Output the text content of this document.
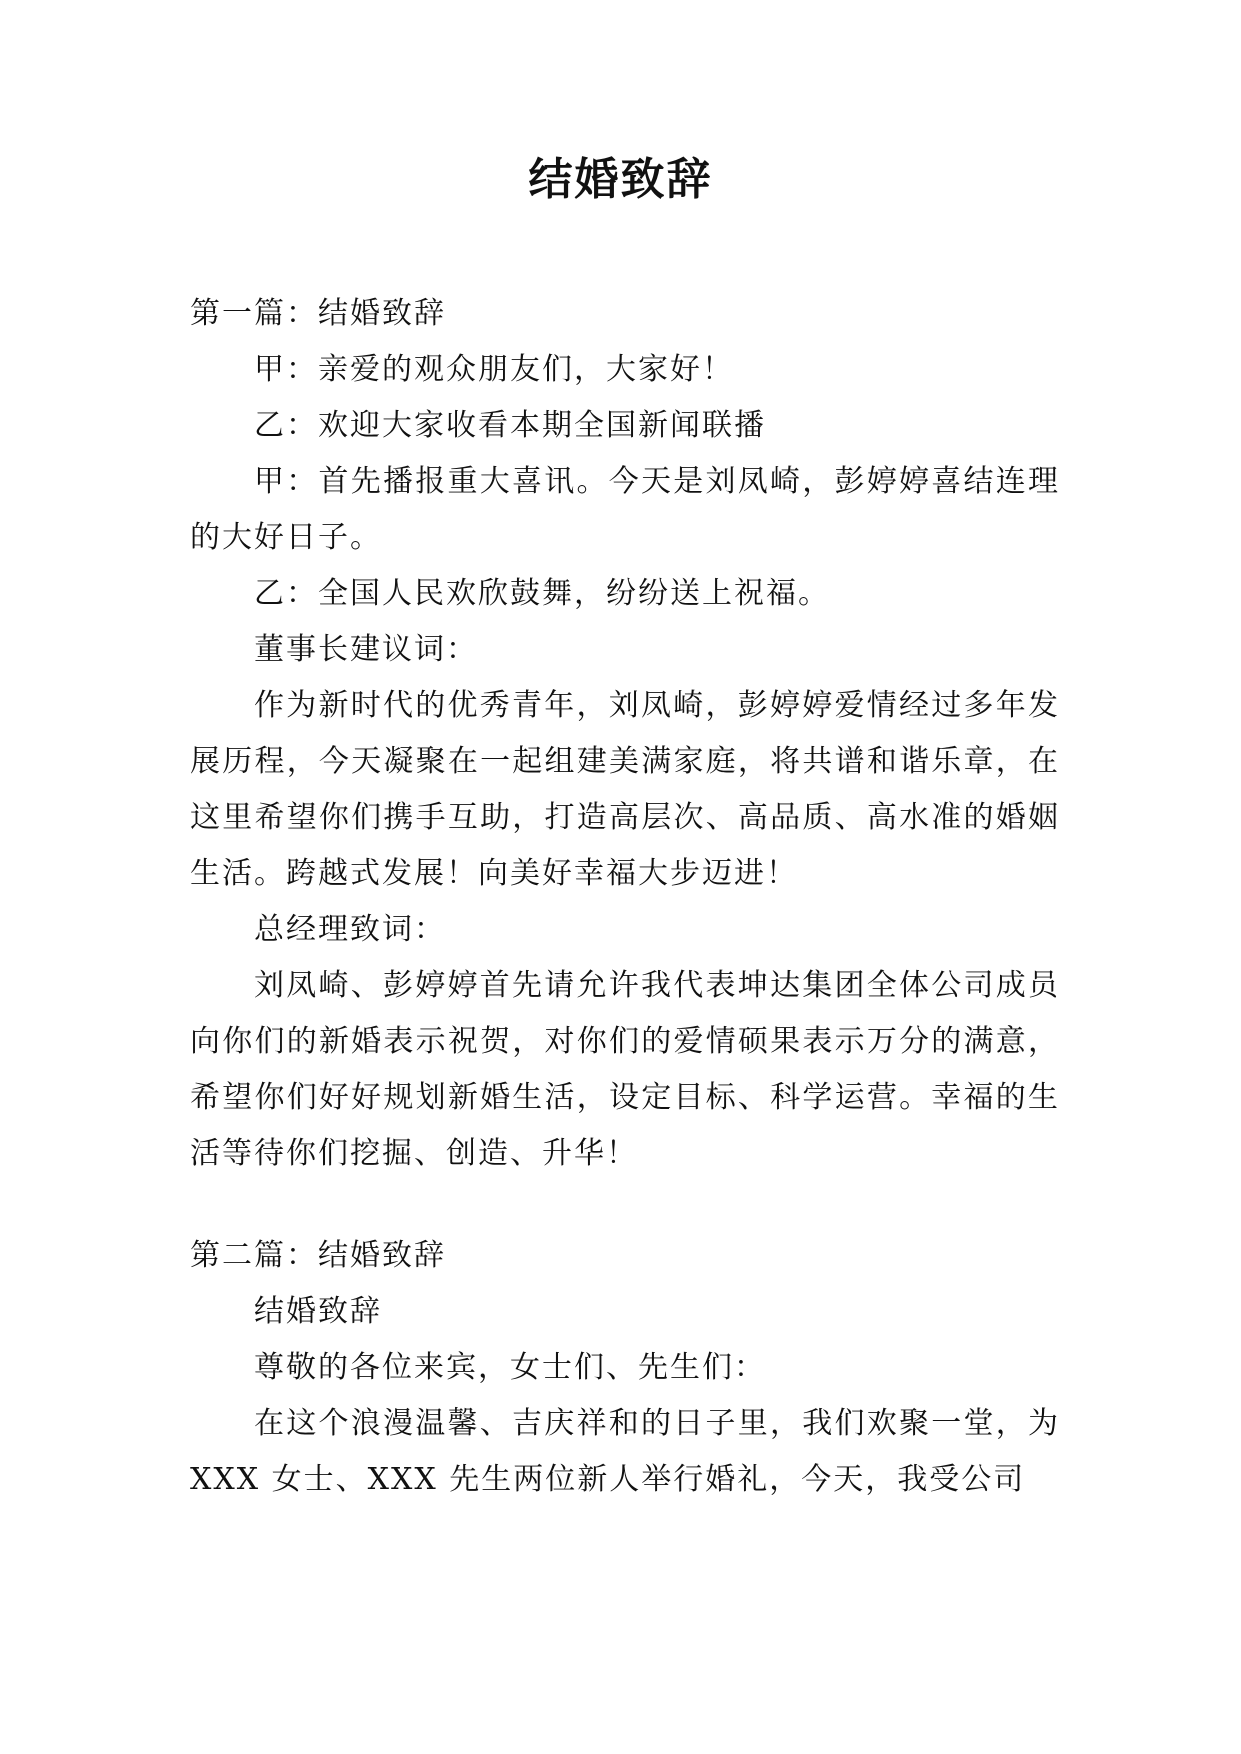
结婚致辞

第一篇：结婚致辞

甲：亲爱的观众朋友们，大家好！

乙：欢迎大家收看本期全国新闻联播

甲：首先播报重大喜讯。今天是刘凤崎，彭婷婷喜结连理的大好日子。

乙：全国人民欢欣鼓舞，纷纷送上祝福。

董事长建议词：

作为新时代的优秀青年，刘凤崎，彭婷婷爱情经过多年发展历程，今天凝聚在一起组建美满家庭，将共谱和谐乐章，在这里希望你们携手互助，打造高层次、高品质、高水准的婚姻生活。跨越式发展！向美好幸福大步迈进！

总经理致词：

刘凤崎、彭婷婷首先请允许我代表坤达集团全体公司成员向你们的新婚表示祝贺，对你们的爱情硕果表示万分的满意，希望你们好好规划新婚生活，设定目标、科学运营。幸福的生活等待你们挖掘、创造、升华！

第二篇：结婚致辞

结婚致辞

尊敬的各位来宾，女士们、先生们：

在这个浪漫温馨、吉庆祥和的日子里，我们欢聚一堂，为 XXX 女士、XXX 先生两位新人举行婚礼，今天，我受公司
